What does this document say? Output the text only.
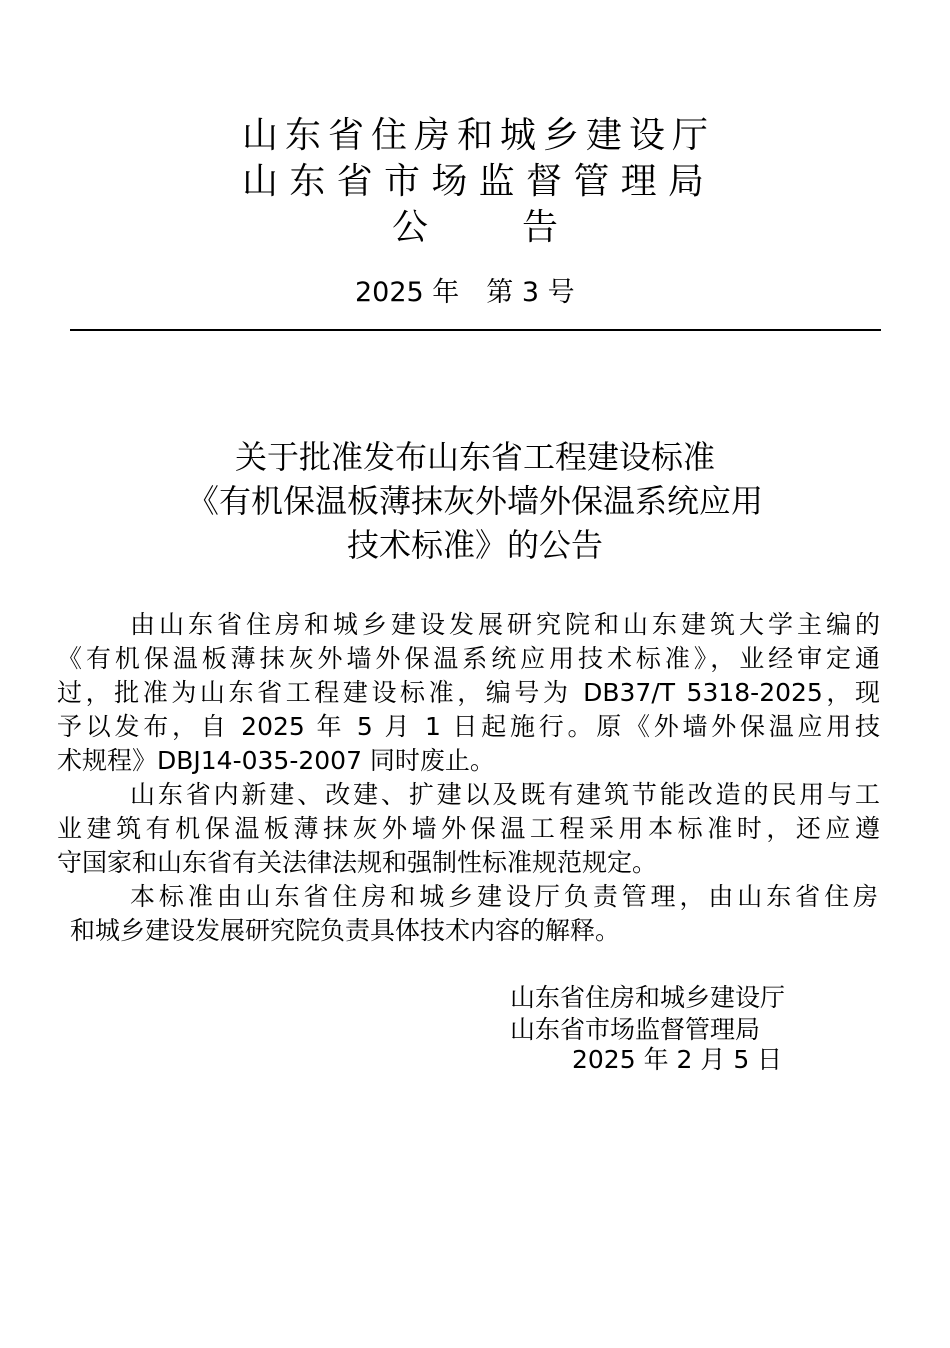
山东省住房和城乡建设厅
山东省市场监督管理局
公	告
2025 年　第 3 号
关于批准发布山东省工程建设标准
《有机保温板薄抹灰外墙外保温系统应用
技术标准》的公告
由山东省住房和城乡建设发展研究院和山东建筑大学主编的
《有机保温板薄抹灰外墙外保温系统应用技术标准》，业经审定通
过，批准为山东省工程建设标准，编号为 DB37/T 5318-2025，现
予以发布，自 2025 年 5 月 1 日起施行。原《外墙外保温应用技
术规程》DBJ14-035-2007 同时废止。
山东省内新建、改建、扩建以及既有建筑节能改造的民用与工
业建筑有机保温板薄抹灰外墙外保温工程采用本标准时，还应遵
守国家和山东省有关法律法规和强制性标准规范规定。
本标准由山东省住房和城乡建设厅负责管理，由山东省住房
和城乡建设发展研究院负责具体技术内容的解释。
山东省住房和城乡建设厅
山东省市场监督管理局
2025 年 2 月 5 日
